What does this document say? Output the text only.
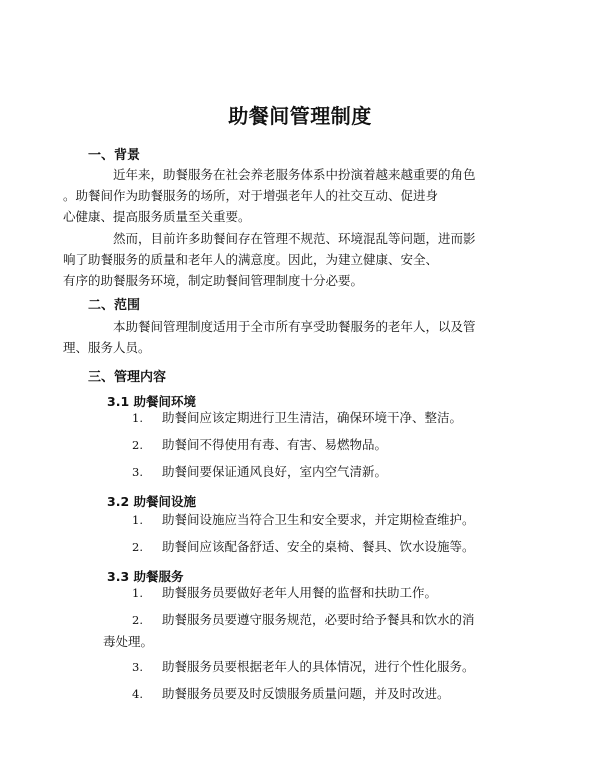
助餐间管理制度
一、背景
近年来，助餐服务在社会养老服务体系中扮演着越来越重要的角色
。助餐间作为助餐服务的场所，对于增强老年人的社交互动、促进身
心健康、提高服务质量至关重要。
然而，目前许多助餐间存在管理不规范、环境混乱等问题，进而影
响了助餐服务的质量和老年人的满意度。因此，为建立健康、安全、
有序的助餐服务环境，制定助餐间管理制度十分必要。
二、范围
本助餐间管理制度适用于全市所有享受助餐服务的老年人，以及管
理、服务人员。
三、管理内容
3.1 助餐间环境
1. 助餐间应该定期进行卫生清洁，确保环境干净、整洁。
2. 助餐间不得使用有毒、有害、易燃物品。
3. 助餐间要保证通风良好，室内空气清新。
3.2 助餐间设施
1. 助餐间设施应当符合卫生和安全要求，并定期检查维护。
2. 助餐间应该配备舒适、安全的桌椅、餐具、饮水设施等。
3.3 助餐服务
1. 助餐服务员要做好老年人用餐的监督和扶助工作。
2. 助餐服务员要遵守服务规范，必要时给予餐具和饮水的消
毒处理。
3. 助餐服务员要根据老年人的具体情况，进行个性化服务。
4. 助餐服务员要及时反馈服务质量问题，并及时改进。
